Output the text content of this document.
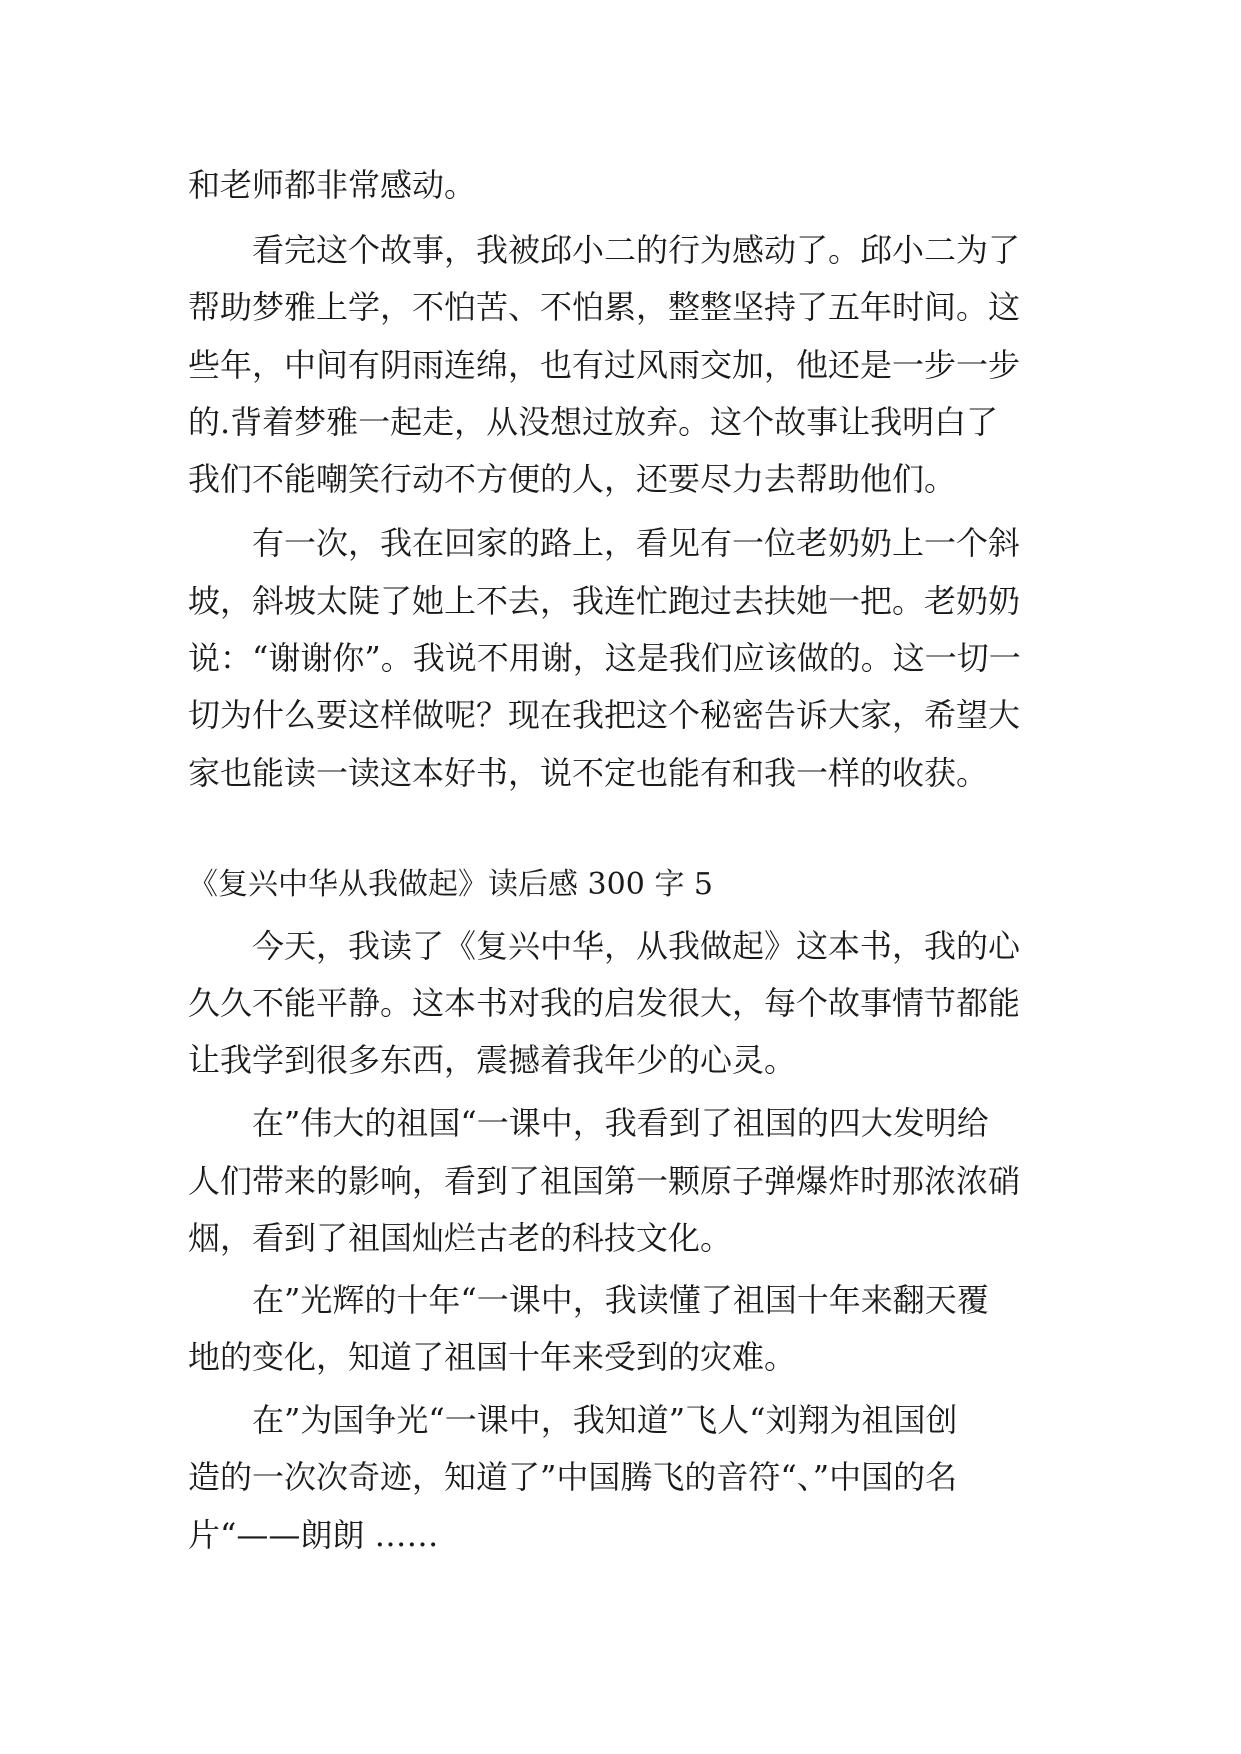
和老师都非常感动。

看完这个故事，我被邱小二的行为感动了。邱小二为了

帮助梦雅上学，不怕苦、不怕累，整整坚持了五年时间。这

些年，中间有阴雨连绵，也有过风雨交加，他还是一步一步

的.背着梦雅一起走，从没想过放弃。这个故事让我明白了

我们不能嘲笑行动不方便的人，还要尽力去帮助他们。

有一次，我在回家的路上，看见有一位老奶奶上一个斜

坡，斜坡太陡了她上不去，我连忙跑过去扶她一把。老奶奶

说：“谢谢你”。我说不用谢，这是我们应该做的。这一切一

切为什么要这样做呢？现在我把这个秘密告诉大家，希望大

家也能读一读这本好书，说不定也能有和我一样的收获。

《复兴中华从我做起》读后感 300 字 5

今天，我读了《复兴中华，从我做起》这本书，我的心

久久不能平静。这本书对我的启发很大，每个故事情节都能

让我学到很多东西，震撼着我年少的心灵。

在”伟大的祖国“一课中，我看到了祖国的四大发明给

人们带来的影响，看到了祖国第一颗原子弹爆炸时那浓浓硝

烟，看到了祖国灿烂古老的科技文化。

在”光辉的十年“一课中，我读懂了祖国十年来翻天覆

地的变化，知道了祖国十年来受到的灾难。

在”为国争光“一课中，我知道”飞人“刘翔为祖国创

造的一次次奇迹，知道了”中国腾飞的音符“、”中国的名

片“——朗朗 ……
